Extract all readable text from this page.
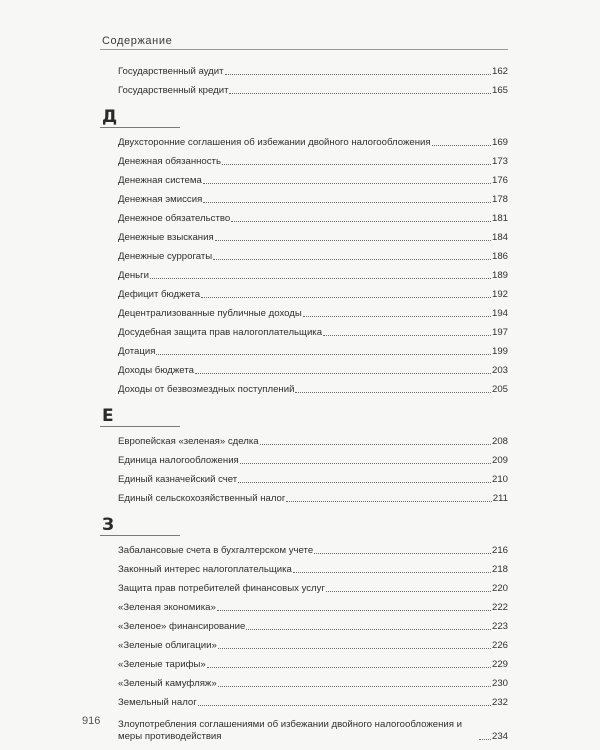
Содержание
Государственный аудит	162
Государственный кредит	165
Д
Двухсторонние соглашения об избежании двойного налогообложения	169
Денежная обязанность	173
Денежная система	176
Денежная эмиссия	178
Денежное обязательство	181
Денежные взыскания	184
Денежные суррогаты	186
Деньги	189
Дефицит бюджета	192
Децентрализованные публичные доходы	194
Досудебная защита прав налогоплательщика	197
Дотация	199
Доходы бюджета	203
Доходы от безвозмездных поступлений	205
Е
Европейская «зеленая» сделка	208
Единица налогообложения	209
Единый казначейский счет	210
Единый сельскохозяйственный налог	211
З
Забалансовые счета в бухгалтерском учете	216
Законный интерес налогоплательщика	218
Защита прав потребителей финансовых услуг	220
«Зеленая экономика»	222
«Зеленое» финансирование	223
«Зеленые облигации»	226
«Зеленые тарифы»	229
«Зеленый камуфляж»	230
Земельный налог	232
Злоупотребления соглашениями об избежании двойного налогообложения и меры противодействия	234
916
